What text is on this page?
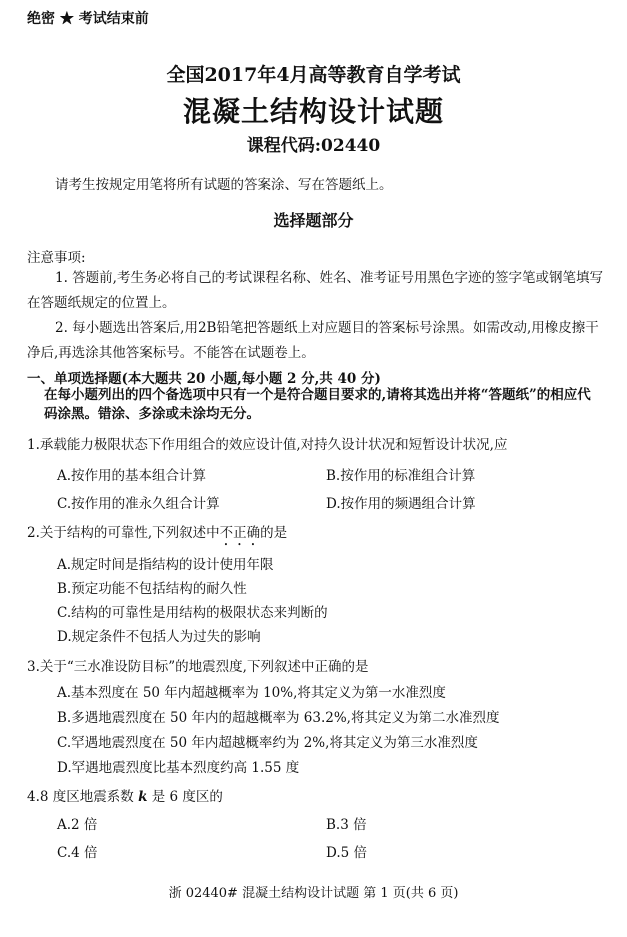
绝密 ★ 考试结束前
全国2017年4月高等教育自学考试
混凝土结构设计试题
课程代码:02440
请考生按规定用笔将所有试题的答案涂、写在答题纸上。
选择题部分
注意事项:
1. 答题前,考生务必将自己的考试课程名称、姓名、准考证号用黑色字迹的签字笔或钢笔填写在答题纸规定的位置上。
2. 每小题选出答案后,用2B铅笔把答题纸上对应题目的答案标号涂黑。如需改动,用橡皮擦干净后,再选涂其他答案标号。不能答在试题卷上。
一、单项选择题(本大题共 20 小题,每小题 2 分,共 40 分)
在每小题列出的四个备选项中只有一个是符合题目要求的,请将其选出并将“答题纸”的相应代码涂黑。错涂、多涂或未涂均无分。
1.承载能力极限状态下作用组合的效应设计值,对持久设计状况和短暂设计状况,应
A.按作用的基本组合计算	B.按作用的标准组合计算
C.按作用的准永久组合计算	D.按作用的频遇组合计算
2.关于结构的可靠性,下列叙述中不正确的是
A.规定时间是指结构的设计使用年限
B.预定功能不包括结构的耐久性
C.结构的可靠性是用结构的极限状态来判断的
D.规定条件不包括人为过失的影响
3.关于“三水准设防目标”的地震烈度,下列叙述中正确的是
A.基本烈度在 50 年内超越概率为 10%,将其定义为第一水准烈度
B.多遇地震烈度在 50 年内的超越概率为 63.2%,将其定义为第二水准烈度
C.罕遇地震烈度在 50 年内超越概率约为 2%,将其定义为第三水准烈度
D.罕遇地震烈度比基本烈度约高 1.55 度
4.8 度区地震系数 k 是 6 度区的
A.2 倍	B.3 倍
C.4 倍	D.5 倍
浙 02440# 混凝土结构设计试题 第 1 页(共 6 页)
